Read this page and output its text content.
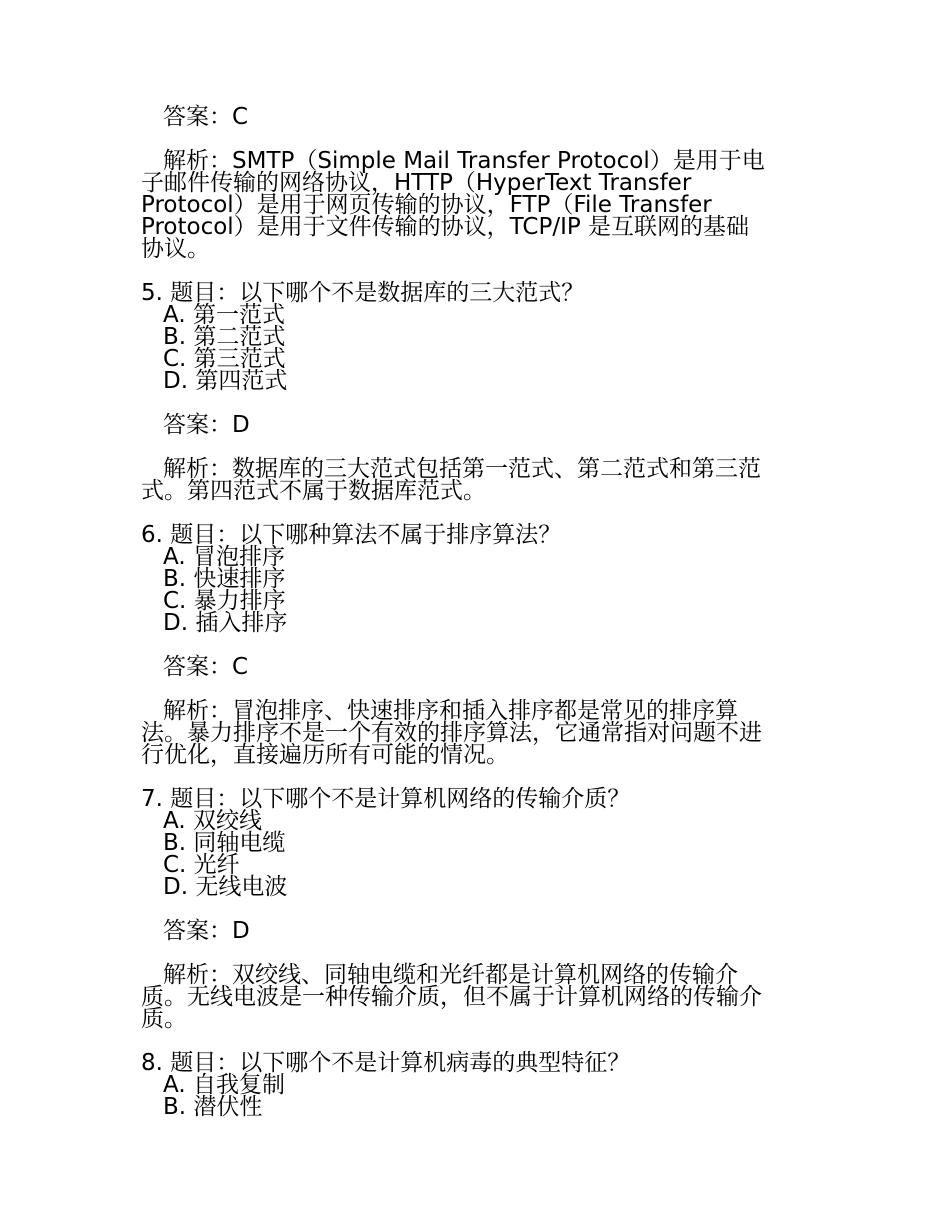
答案：C
解析：SMTP（Simple Mail Transfer Protocol）是用于电
子邮件传输的网络协议，HTTP（HyperText Transfer
Protocol）是用于网页传输的协议，FTP（File Transfer
Protocol）是用于文件传输的协议，TCP/IP 是互联网的基础
协议。
5. 题目：以下哪个不是数据库的三大范式？
A. 第一范式
B. 第二范式
C. 第三范式
D. 第四范式
答案：D
解析：数据库的三大范式包括第一范式、第二范式和第三范
式。第四范式不属于数据库范式。
6. 题目：以下哪种算法不属于排序算法？
A. 冒泡排序
B. 快速排序
C. 暴力排序
D. 插入排序
答案：C
解析：冒泡排序、快速排序和插入排序都是常见的排序算
法。暴力排序不是一个有效的排序算法，它通常指对问题不进
行优化，直接遍历所有可能的情况。
7. 题目：以下哪个不是计算机网络的传输介质？
A. 双绞线
B. 同轴电缆
C. 光纤
D. 无线电波
答案：D
解析：双绞线、同轴电缆和光纤都是计算机网络的传输介
质。无线电波是一种传输介质，但不属于计算机网络的传输介
质。
8. 题目：以下哪个不是计算机病毒的典型特征？
A. 自我复制
B. 潜伏性
